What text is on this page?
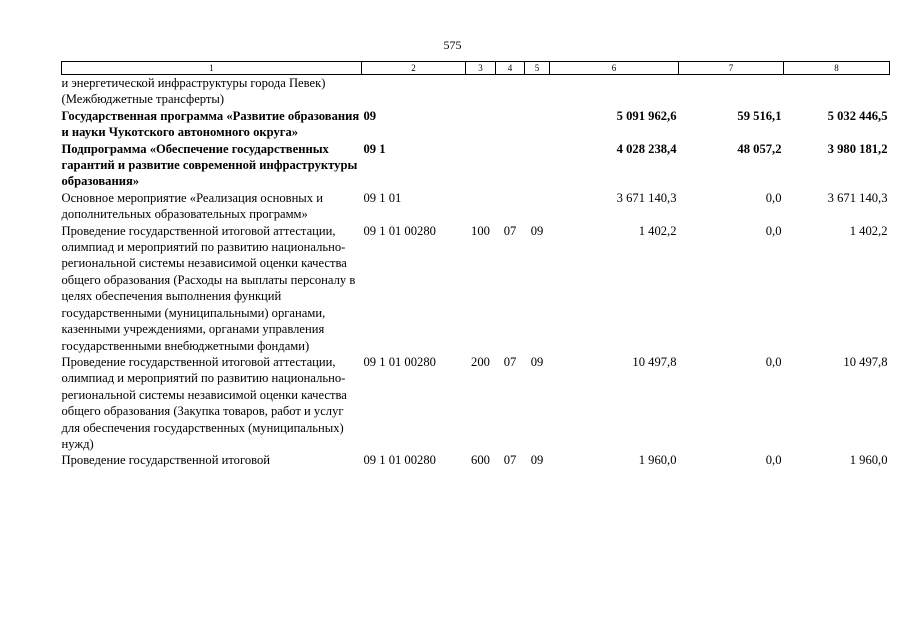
575
1	2	3	4	5	6	7	8
и энергетической инфраструктуры города Певек) (Межбюджетные трансферты)							
Государственная программа «Развитие образования и науки Чукотского автономного округа»	09				5 091 962,6	59 516,1	5 032 446,5
Подпрограмма «Обеспечение государственных гарантий и развитие современной инфраструктуры образования»	09 1				4 028 238,4	48 057,2	3 980 181,2
Основное мероприятие «Реализация основных и дополнительных образовательных программ»	09 1 01				3 671 140,3	0,0	3 671 140,3
Проведение государственной итоговой аттестации, олимпиад и мероприятий по развитию национально-региональной системы независимой оценки качества общего образования (Расходы на выплаты персоналу в целях обеспечения выполнения функций государственными (муниципальными) органами, казенными учреждениями, органами управления государственными внебюджетными фондами)	09 1 01 00280	100	07	09	1 402,2	0,0	1 402,2
Проведение государственной итоговой аттестации, олимпиад и мероприятий по развитию национально-региональной системы независимой оценки качества общего образования (Закупка товаров, работ и услуг для обеспечения государственных (муниципальных) нужд)	09 1 01 00280	200	07	09	10 497,8	0,0	10 497,8
Проведение государственной итоговой	09 1 01 00280	600	07	09	1 960,0	0,0	1 960,0
